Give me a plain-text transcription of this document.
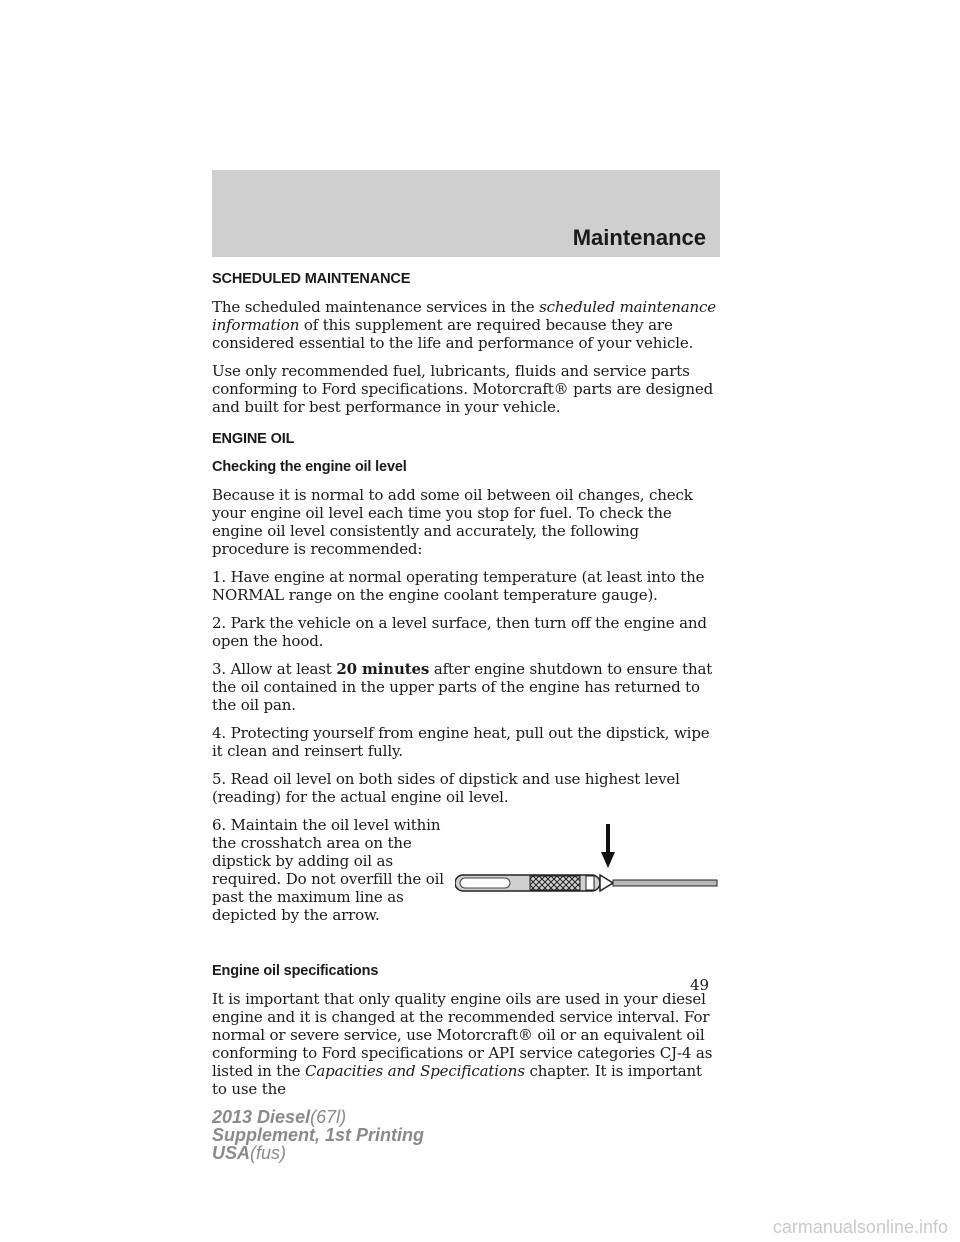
Maintenance
SCHEDULED MAINTENANCE
The scheduled maintenance services in the scheduled maintenance information of this supplement are required because they are considered essential to the life and performance of your vehicle.
Use only recommended fuel, lubricants, fluids and service parts conforming to Ford specifications. Motorcraft® parts are designed and built for best performance in your vehicle.
ENGINE OIL
Checking the engine oil level
Because it is normal to add some oil between oil changes, check your engine oil level each time you stop for fuel. To check the engine oil level consistently and accurately, the following procedure is recommended:
1. Have engine at normal operating temperature (at least into the NORMAL range on the engine coolant temperature gauge).
2. Park the vehicle on a level surface, then turn off the engine and open the hood.
3. Allow at least 20 minutes after engine shutdown to ensure that the oil contained in the upper parts of the engine has returned to the oil pan.
4. Protecting yourself from engine heat, pull out the dipstick, wipe it clean and reinsert fully.
5. Read oil level on both sides of dipstick and use highest level (reading) for the actual engine oil level.
6. Maintain the oil level within the crosshatch area on the dipstick by adding oil as required. Do not overfill the oil past the maximum line as depicted by the arrow.
Engine oil specifications
It is important that only quality engine oils are used in your diesel engine and it is changed at the recommended service interval. For normal or severe service, use Motorcraft® oil or an equivalent oil conforming to Ford specifications or API service categories CJ-4 as listed in the Capacities and Specifications chapter. It is important to use the
49
2013 Diesel(67l)
Supplement, 1st Printing
USA(fus)
carmanualsonline.info
